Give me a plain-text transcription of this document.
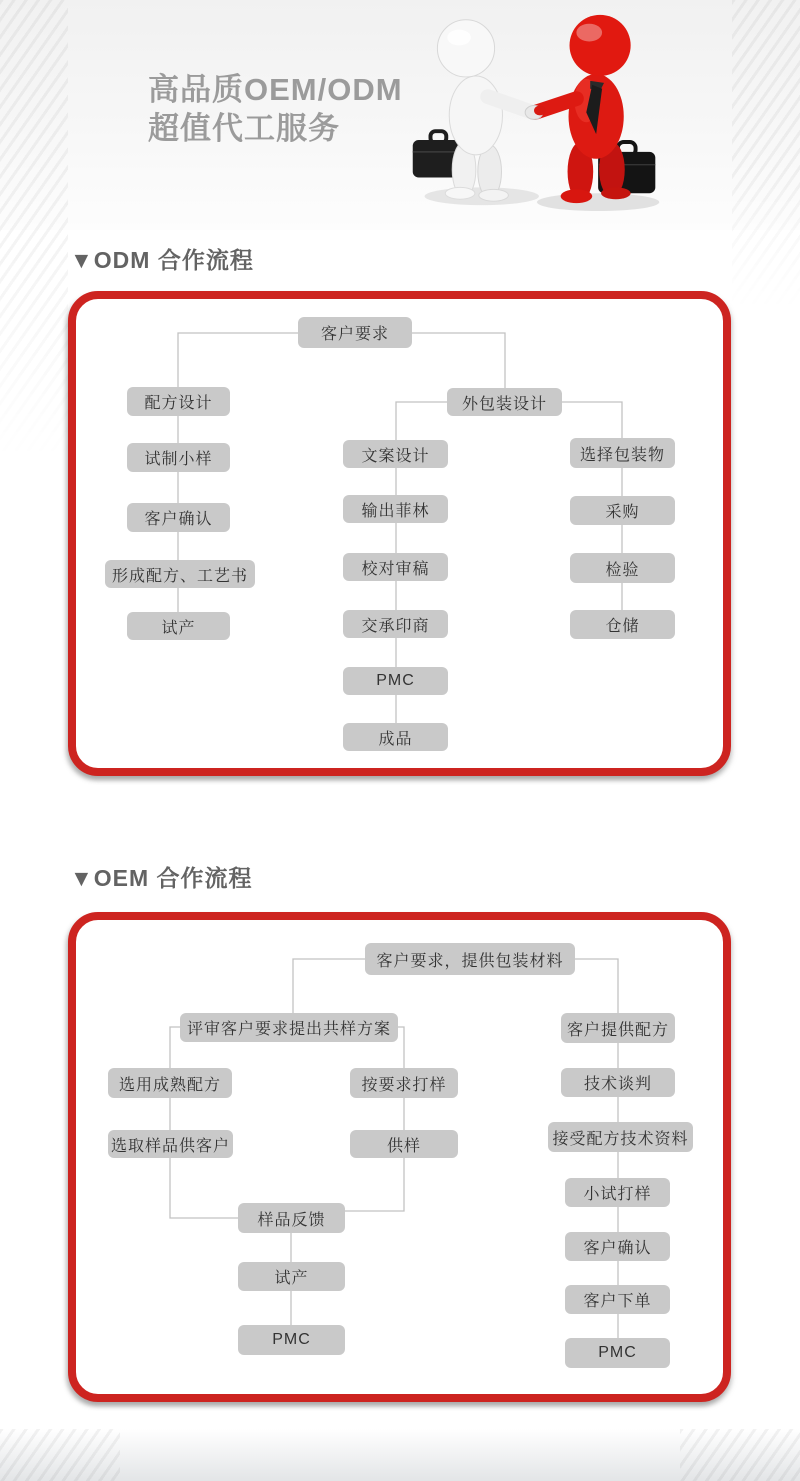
高品质OEM/ODM
超值代工服务
▼ODM 合作流程
▼OEM 合作流程
客户要求
配方设计	外包装设计
试制小样	文案设计	选择包装物
客户确认	输出菲林	采购
形成配方、工艺书	校对审稿	检验
试产	交承印商	仓储
PMC
成品
客户要求，提供包装材料
评审客户要求提出共样方案	客户提供配方
选用成熟配方	按要求打样	技术谈判
选取样品供客户	供样	接受配方技术资料
样品反馈
小试打样
试产
客户确认
PMC
客户下单
PMC
